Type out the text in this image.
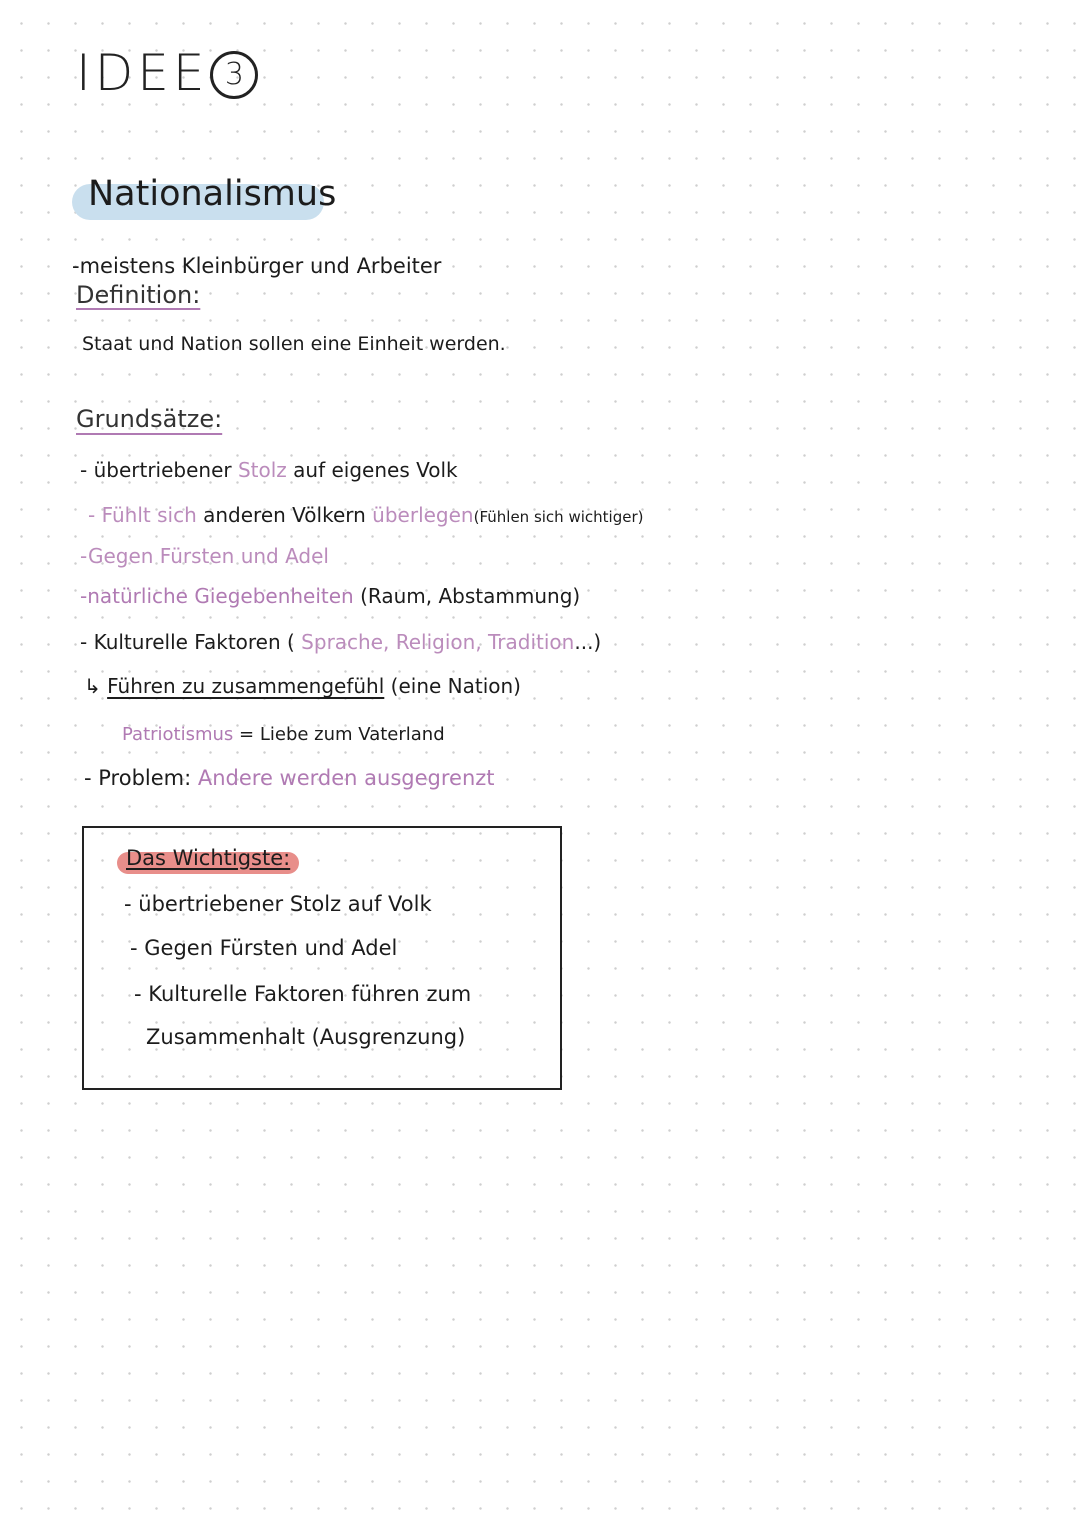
IDEE 3
Nationalismus
-meistens Kleinbürger und Arbeiter
Definition:
Staat und Nation sollen eine Einheit werden.
Grundsätze:
- übertriebener Stolz auf eigenes Volk
- Fühlt sich anderen Völkern überlegen(Fühlen sich wichtiger)
-Gegen Fürsten und Adel
-natürliche Giegebenheiten (Raum, Abstammung)
- Kulturelle Faktoren ( Sprache, Religion, Tradition...)
↳ Führen zu zusammengefühl (eine Nation)
Patriotismus = Liebe zum Vaterland
- Problem: Andere werden ausgegrenzt
Das Wichtigste:
- übertriebener Stolz auf Volk
- Gegen Fürsten und Adel
- Kulturelle Faktoren führen zum
Zusammenhalt (Ausgrenzung)
